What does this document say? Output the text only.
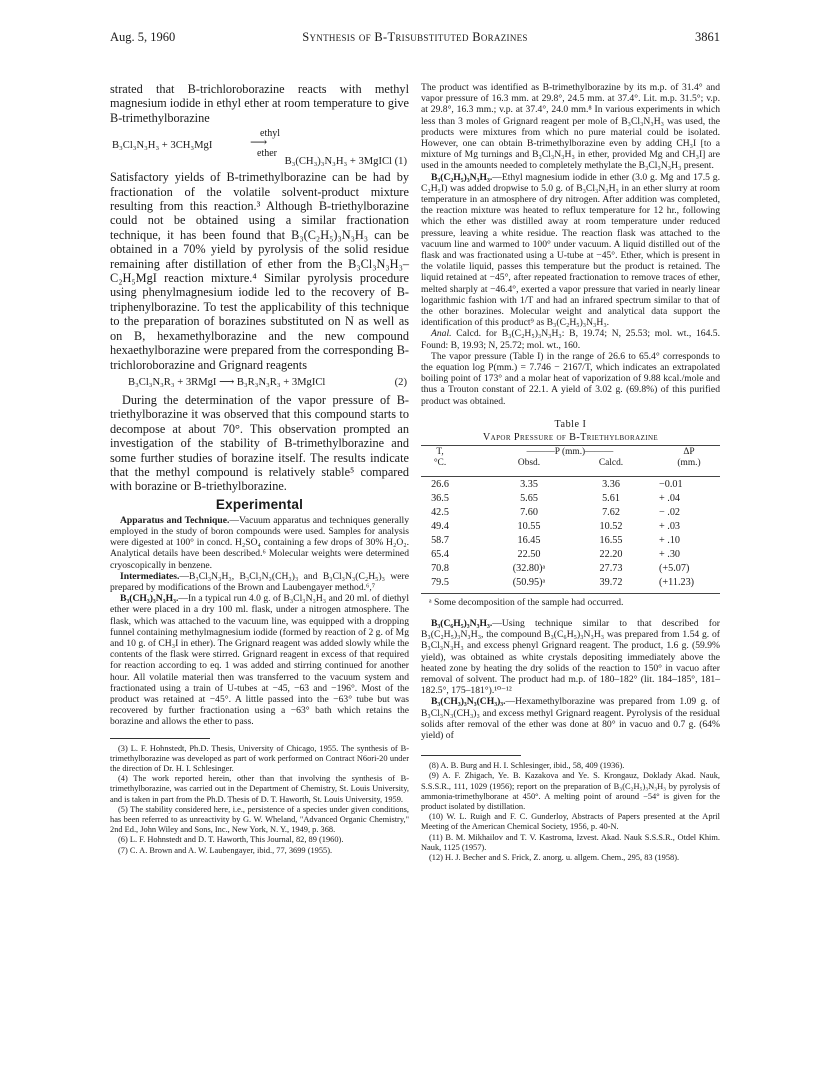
Aug. 5, 1960	Synthesis of B-Trisubstituted Borazines	3861

strated that B-trichloroborazine reacts with methyl magnesium iodide in ethyl ether at room temperature to give B-trimethylborazine

B₃Cl₃N₃H₃ + 3CH₃MgI
ethyl
⟶
ether
B₃(CH₃)₃N₃H₃ + 3MgICl (1)

Satisfactory yields of B-trimethylborazine can be had by fractionation of the volatile solvent-product mixture resulting from this reaction.³ Although B-triethylborazine could not be obtained using a similar fractionation technique, it has been found that B₃(C₂H₅)₃N₃H₃ can be obtained in a 70% yield by pyrolysis of the solid residue remaining after distillation of ether from the B₃Cl₃N₃H₃–C₂H₅MgI reaction mixture.⁴ Similar pyrolysis procedure using phenylmagnesium iodide led to the recovery of B-triphenylborazine. To test the applicability of this technique to the preparation of borazines substituted on N as well as on B, hexamethylborazine and the new compound hexaethylborazine were prepared from the corresponding B-trichloroborazine and Grignard reagents

B₃Cl₃N₃R₃ + 3RMgI ⟶ B₃R₃N₃R₃ + 3MgICl	(2)

During the determination of the vapor pressure of B-triethylborazine it was observed that this compound starts to decompose at about 70°. This observation prompted an investigation of the stability of B-trimethylborazine and some further studies of borazine itself. The results indicate that the methyl compound is relatively stable⁵ compared with borazine or B-triethylborazine.

Experimental

Apparatus and Technique.—Vacuum apparatus and techniques generally employed in the study of boron compounds were used. Samples for analysis were digested at 100° in concd. H₂SO₄ containing a few drops of 30% H₂O₂. Analytical details have been described.⁶ Molecular weights were determined cryoscopically in benzene.

Intermediates.—B₃Cl₃N₃H₃, B₃Cl₃N₃(CH₃)₃ and B₃Cl₃N₃(C₂H₅)₃ were prepared by modifications of the Brown and Laubengayer method.⁶,⁷

B₃(CH₃)₃N₃H₃.—In a typical run 4.0 g. of B₃Cl₃N₃H₃ and 20 ml. of diethyl ether were placed in a dry 100 ml. flask, under a nitrogen atmosphere. The flask, which was attached to the vacuum line, was equipped with a dropping funnel containing methylmagnesium iodide (formed by reaction of 2 g. of Mg and 10 g. of CH₃I in ether). The Grignard reagent was added slowly while the contents of the flask were stirred. Grignard reagent in excess of that required for reaction according to eq. 1 was added and stirring continued for another hour. All volatile material then was transferred to the vacuum system and fractionated using a train of U-tubes at −45, −63 and −196°. Most of the product was retained at −45°. A little passed into the −63° tube but was recovered by further fractionation using a −63° bath which retains the borazine and allows the ether to pass.

(3) L. F. Hohnstedt, Ph.D. Thesis, University of Chicago, 1955. The synthesis of B-trimethylborazine was developed as part of work performed on Contract N6ori-20 under the direction of Dr. H. I. Schlesinger.

(4) The work reported herein, other than that involving the synthesis of B-trimethylborazine, was carried out in the Department of Chemistry, St. Louis University, and is taken in part from the Ph.D. Thesis of D. T. Haworth, St. Louis University, 1959.

(5) The stability considered here, i.e., persistence of a species under given conditions, has been referred to as unreactivity by G. W. Wheland, "Advanced Organic Chemistry," 2nd Ed., John Wiley and Sons, Inc., New York, N. Y., 1949, p. 368.

(6) L. F. Hohnstedt and D. T. Haworth, This Journal, 82, 89 (1960).

(7) C. A. Brown and A. W. Laubengayer, ibid., 77, 3699 (1955).

The product was identified as B-trimethylborazine by its m.p. of 31.4° and vapor pressure of 16.3 mm. at 29.8°, 24.5 mm. at 37.4°. Lit. m.p. 31.5°; v.p. at 29.8°, 16.3 mm.; v.p. at 37.4°, 24.0 mm.⁸ In various experiments in which less than 3 moles of Grignard reagent per mole of B₃Cl₃N₃H₃ was used, the products were mixtures from which no pure material could be isolated. However, one can obtain B-trimethylborazine even by adding CH₃I [to a mixture of Mg turnings and B₃Cl₃N₃H₃ in ether, provided Mg and CH₃I] are used in the amounts needed to completely methylate the B₃Cl₃N₃H₃ present.

B₃(C₂H₅)₃N₃H₃.—Ethyl magnesium iodide in ether (3.0 g. Mg and 17.5 g. C₂H₅I) was added dropwise to 5.0 g. of B₃Cl₃N₃H₃ in an ether slurry at room temperature in an atmosphere of dry nitrogen. After addition was completed, the reaction mixture was heated to reflux temperature for 12 hr., following which the ether was distilled away at room temperature under reduced pressure, leaving a white residue. The reaction flask was attached to the vacuum line and warmed to 100° under vacuum. A liquid distilled out of the flask and was fractionated using a U-tube at −45°. Ether, which is present in the volatile liquid, passes this temperature but the product is retained. The liquid retained at −45°, after repeated fractionation to remove traces of ether, melted sharply at −46.4°, exerted a vapor pressure that varied in nearly linear logarithmic fashion with 1/T and had an infrared spectrum similar to that of the other borazines. Molecular weight and analytical data support the identification of this product⁹ as B₃(C₂H₅)₃N₃H₃.

Anal. Calcd. for B₃(C₂H₅)₃N₃H₃: B, 19.74; N, 25.53; mol. wt., 164.5. Found: B, 19.93; N, 25.72; mol. wt., 160.

The vapor pressure (Table I) in the range of 26.6 to 65.4° corresponds to the equation log P(mm.) = 7.746 − 2167/T, which indicates an extrapolated boiling point of 173° and a molar heat of vaporization of 9.88 kcal./mole and thus a Trouton constant of 22.1. A yield of 3.02 g. (69.8%) of this purified product was obtained.

Table I
Vapor Pressure of B-Triethylborazine
T,
°C.
———P (mm.)———
Obsd.	Calcd.
ΔP
(mm.)
26.6	3.35	3.36	−0.01
36.5	5.65	5.61	+ .04
42.5	7.60	7.62	− .02
49.4	10.55	10.52	+ .03
58.7	16.45	16.55	+ .10
65.4	22.50	22.20	+ .30
70.8	(32.80)ᵃ	27.73	(+5.07)
79.5	(50.95)ᵃ	39.72	(+11.23)
ᵃ Some decomposition of the sample had occurred.

B₃(C₆H₅)₃N₃H₃.—Using technique similar to that described for B₃(C₂H₅)₃N₃H₃, the compound B₃(C₆H₅)₃N₃H₃ was prepared from 1.54 g. of B₃Cl₃N₃H₃ and excess phenyl Grignard reagent. The product, 1.6 g. (59.9% yield), was obtained as white crystals depositing immediately above the heated zone by heating the dry solids of the reaction to 150° in vacuo after removal of solvent. The product had m.p. of 180–182° (lit. 184–185°, 181–182.5°, 175–181°).¹⁰⁻¹²

B₃(CH₃)₃N₃(CH₃)₃.—Hexamethylborazine was prepared from 1.09 g. of B₃Cl₃N₃(CH₃)₃ and excess methyl Grignard reagent. Pyrolysis of the residual solids after removal of the ether was done at 80° in vacuo and 0.7 g. (64% yield) of

(8) A. B. Burg and H. I. Schlesinger, ibid., 58, 409 (1936).

(9) A. F. Zhigach, Ye. B. Kazakova and Ye. S. Krongauz, Doklady Akad. Nauk, S.S.S.R., 111, 1029 (1956); report on the preparation of B₃(C₂H₅)₃N₃H₃ by pyrolysis of ammonia-trimethylborane at 450°. A melting point of around −54° is given for the product isolated by distillation.

(10) W. L. Ruigh and F. C. Gunderloy, Abstracts of Papers presented at the April Meeting of the American Chemical Society, 1956, p. 40-N.

(11) B. M. Mikhailov and T. V. Kastroma, Izvest. Akad. Nauk S.S.S.R., Otdel Khim. Nauk, 1125 (1957).

(12) H. J. Becher and S. Frick, Z. anorg. u. allgem. Chem., 295, 83 (1958).
